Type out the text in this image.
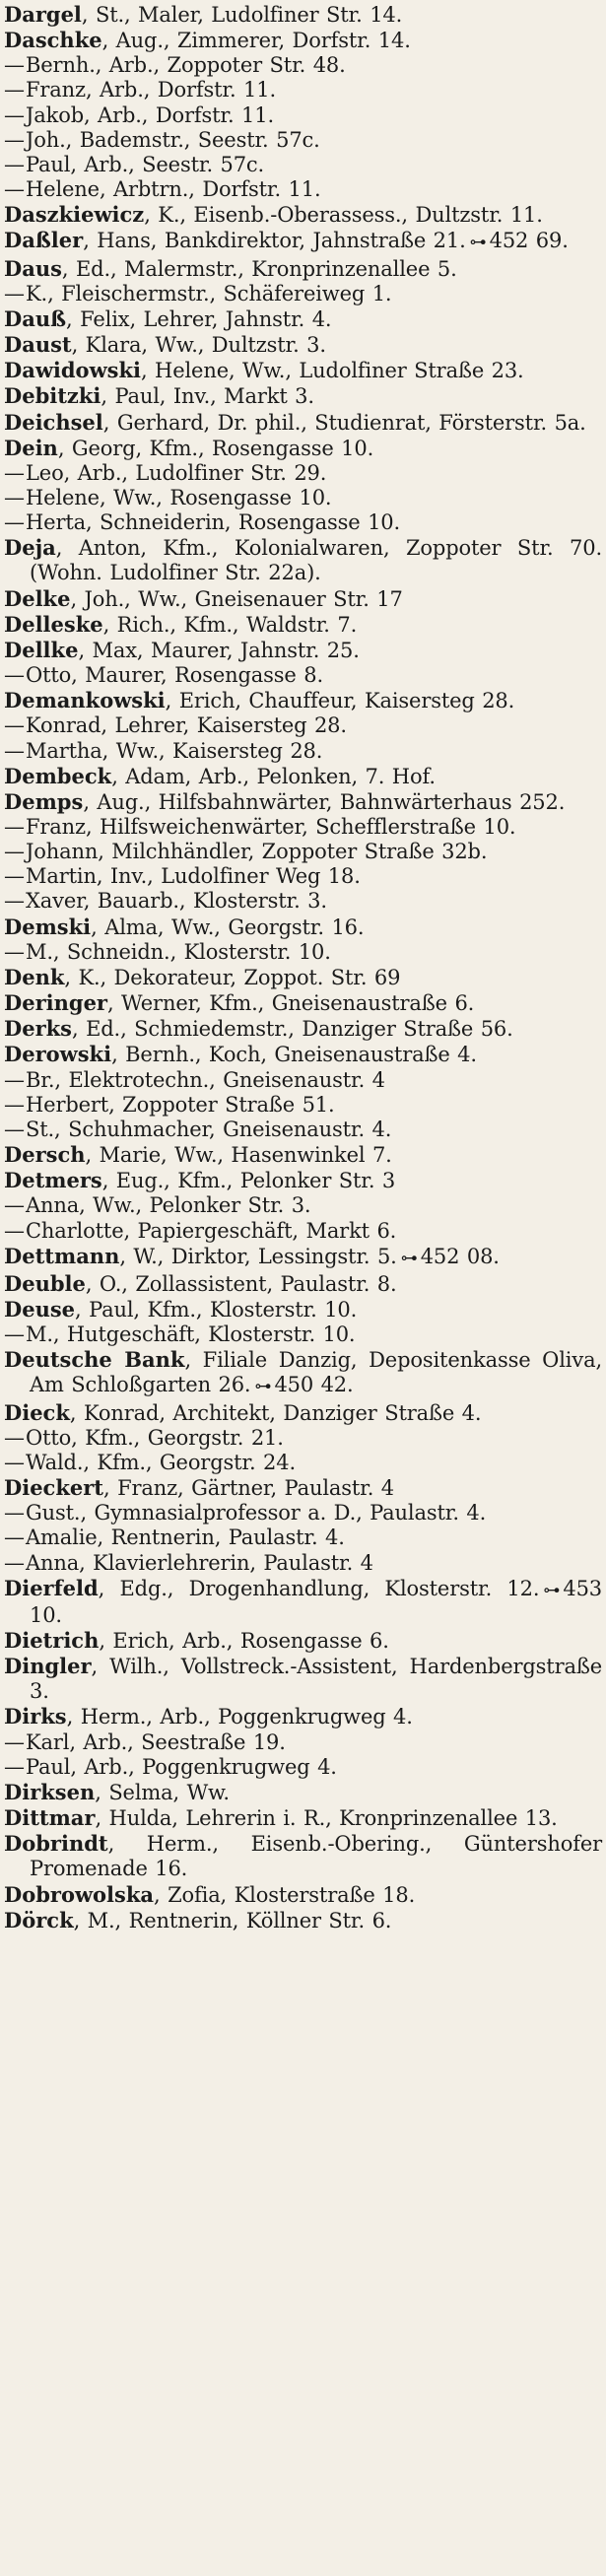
Dargel, St., Maler, Ludolfiner Str. 14.

Daschke, Aug., Zimmerer, Dorfstr. 14.

—Bernh., Arb., Zoppoter Str. 48.

—Franz, Arb., Dorfstr. 11.

—Jakob, Arb., Dorfstr. 11.

—Joh., Bademstr., Seestr. 57c.

—Paul, Arb., Seestr. 57c.

—Helene, Arbtrn., Dorfstr. 11.

Daszkiewicz, K., Eisenb.-Oberassess., Dultzstr. 11.

Daßler, Hans, Bankdirektor, Jahnstraße 21. ⊶ 452 69.

Daus, Ed., Malermstr., Kronprinzenallee 5.

—K., Fleischermstr., Schäfereiweg 1.

Dauß, Felix, Lehrer, Jahnstr. 4.

Daust, Klara, Ww., Dultzstr. 3.

Dawidowski, Helene, Ww., Ludolfiner Straße 23.

Debitzki, Paul, Inv., Markt 3.

Deichsel, Gerhard, Dr. phil., Studienrat, Försterstr. 5a.

Dein, Georg, Kfm., Rosengasse 10.

—Leo, Arb., Ludolfiner Str. 29.

—Helene, Ww., Rosengasse 10.

—Herta, Schneiderin, Rosengasse 10.

Deja, Anton, Kfm., Kolonialwaren, Zoppoter Str. 70. (Wohn. Ludolfiner Str. 22a).

Delke, Joh., Ww., Gneisenauer Str. 17

Delleske, Rich., Kfm., Waldstr. 7.

Dellke, Max, Maurer, Jahnstr. 25.

—Otto, Maurer, Rosengasse 8.

Demankowski, Erich, Chauffeur, Kaisersteg 28.

—Konrad, Lehrer, Kaisersteg 28.

—Martha, Ww., Kaisersteg 28.

Dembeck, Adam, Arb., Pelonken, 7. Hof.

Demps, Aug., Hilfsbahnwärter, Bahnwärterhaus 252.

—Franz, Hilfsweichenwärter, Schefflerstraße 10.

—Johann, Milchhändler, Zoppoter Straße 32b.

—Martin, Inv., Ludolfiner Weg 18.

—Xaver, Bauarb., Klosterstr. 3.

Demski, Alma, Ww., Georgstr. 16.

—M., Schneidn., Klosterstr. 10.

Denk, K., Dekorateur, Zoppot. Str. 69

Deringer, Werner, Kfm., Gneisenaustraße 6.

Derks, Ed., Schmiedemstr., Danziger Straße 56.

Derowski, Bernh., Koch, Gneisenaustraße 4.

—Br., Elektrotechn., Gneisenaustr. 4

—Herbert, Zoppoter Straße 51.

—St., Schuhmacher, Gneisenaustr. 4.

Dersch, Marie, Ww., Hasenwinkel 7.

Detmers, Eug., Kfm., Pelonker Str. 3

—Anna, Ww., Pelonker Str. 3.

—Charlotte, Papiergeschäft, Markt 6.

Dettmann, W., Dirktor, Lessingstr. 5. ⊶ 452 08.

Deuble, O., Zollassistent, Paulastr. 8.

Deuse, Paul, Kfm., Klosterstr. 10.

—M., Hutgeschäft, Klosterstr. 10.

Deutsche Bank, Filiale Danzig, Depositenkasse Oliva, Am Schloßgarten 26. ⊶ 450 42.

Dieck, Konrad, Architekt, Danziger Straße 4.

—Otto, Kfm., Georgstr. 21.

—Wald., Kfm., Georgstr. 24.

Dieckert, Franz, Gärtner, Paulastr. 4

—Gust., Gymnasialprofessor a. D., Paulastr. 4.

—Amalie, Rentnerin, Paulastr. 4.

—Anna, Klavierlehrerin, Paulastr. 4

Dierfeld, Edg., Drogenhandlung, Klosterstr. 12. ⊶ 453 10.

Dietrich, Erich, Arb., Rosengasse 6.

Dingler, Wilh., Vollstreck.-Assistent, Hardenbergstraße 3.

Dirks, Herm., Arb., Poggenkrugweg 4.

—Karl, Arb., Seestraße 19.

—Paul, Arb., Poggenkrugweg 4.

Dirksen, Selma, Ww.

Dittmar, Hulda, Lehrerin i. R., Kronprinzenallee 13.

Dobrindt, Herm., Eisenb.-Obering., Güntershofer Promenade 16.

Dobrowolska, Zofia, Klosterstraße 18.

Dörck, M., Rentnerin, Köllner Str. 6.
